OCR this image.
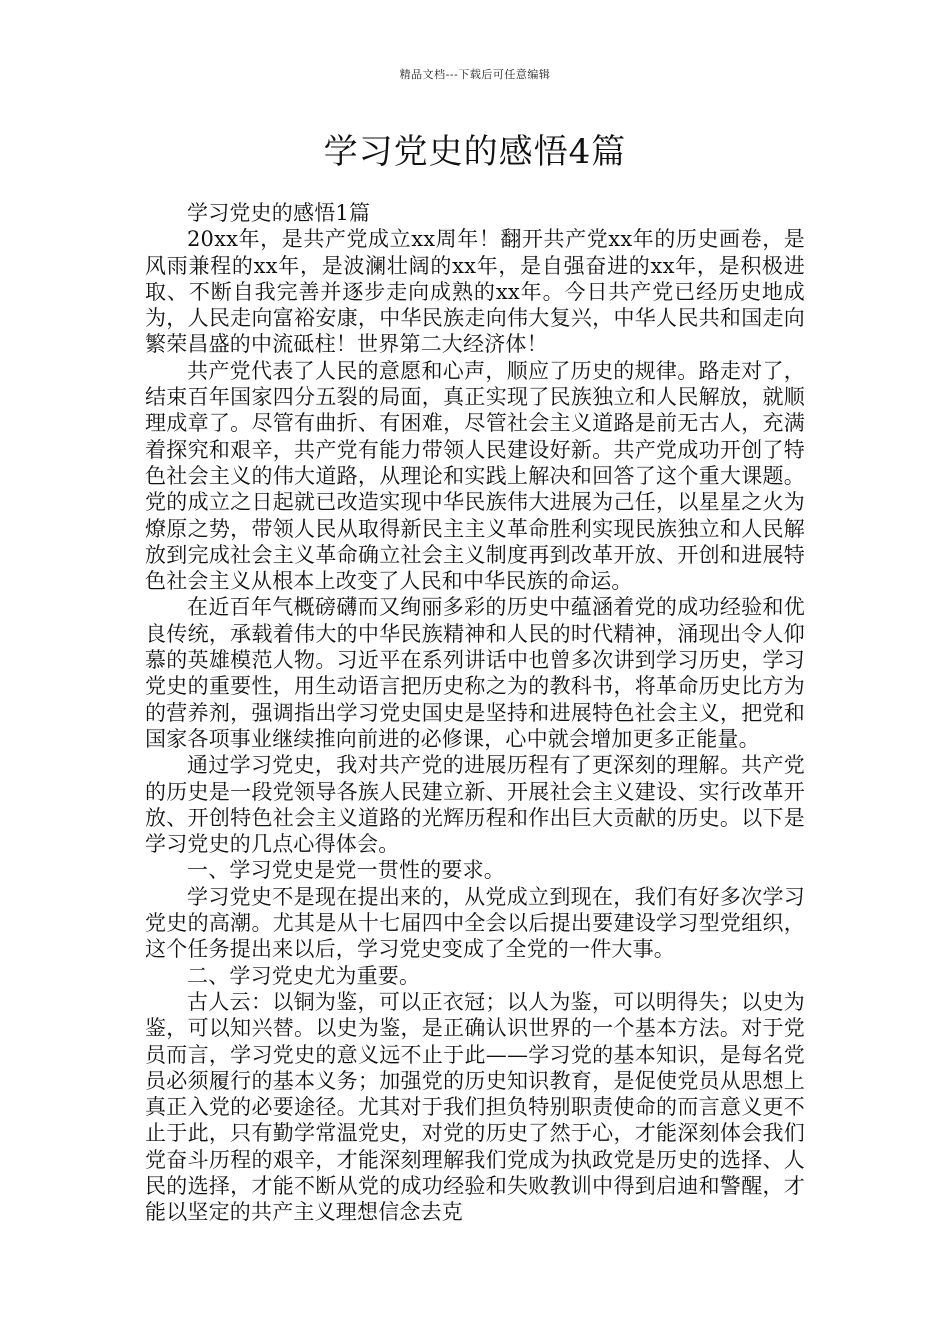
精品文档---下载后可任意编辑
学习党史的感悟4篇

学习党史的感悟1篇

20xx年，是共产党成立xx周年！翻开共产党xx年的历史画卷，是风雨兼程的xx年，是波澜壮阔的xx年，是自强奋进的xx年，是积极进取、不断自我完善并逐步走向成熟的xx年。今日共产党已经历史地成为，人民走向富裕安康，中华民族走向伟大复兴，中华人民共和国走向繁荣昌盛的中流砥柱！世界第二大经济体！

共产党代表了人民的意愿和心声，顺应了历史的规律。路走对了，结束百年国家四分五裂的局面，真正实现了民族独立和人民解放，就顺理成章了。尽管有曲折、有困难，尽管社会主义道路是前无古人，充满着探究和艰辛，共产党有能力带领人民建设好新。共产党成功开创了特色社会主义的伟大道路，从理论和实践上解决和回答了这个重大课题。党的成立之日起就已改造实现中华民族伟大进展为己任，以星星之火为燎原之势，带领人民从取得新民主主义革命胜利实现民族独立和人民解放到完成社会主义革命确立社会主义制度再到改革开放、开创和进展特色社会主义从根本上改变了人民和中华民族的命运。

在近百年气概磅礴而又绚丽多彩的历史中蕴涵着党的成功经验和优良传统，承载着伟大的中华民族精神和人民的时代精神，涌现出令人仰慕的英雄模范人物。习近平在系列讲话中也曾多次讲到学习历史，学习党史的重要性，用生动语言把历史称之为的教科书，将革命历史比方为的营养剂，强调指出学习党史国史是坚持和进展特色社会主义，把党和国家各项事业继续推向前进的必修课，心中就会增加更多正能量。

通过学习党史，我对共产党的进展历程有了更深刻的理解。共产党的历史是一段党领导各族人民建立新、开展社会主义建设、实行改革开放、开创特色社会主义道路的光辉历程和作出巨大贡献的历史。以下是学习党史的几点心得体会。

一、学习党史是党一贯性的要求。

学习党史不是现在提出来的，从党成立到现在，我们有好多次学习党史的高潮。尤其是从十七届四中全会以后提出要建设学习型党组织，这个任务提出来以后，学习党史变成了全党的一件大事。

二、学习党史尤为重要。

古人云：以铜为鉴，可以正衣冠；以人为鉴，可以明得失；以史为鉴，可以知兴替。以史为鉴，是正确认识世界的一个基本方法。对于党员而言，学习党史的意义远不止于此——学习党的基本知识，是每名党员必须履行的基本义务；加强党的历史知识教育，是促使党员从思想上真正入党的必要途径。尤其对于我们担负特别职责使命的而言意义更不止于此，只有勤学常温党史，对党的历史了然于心，才能深刻体会我们党奋斗历程的艰辛，才能深刻理解我们党成为执政党是历史的选择、人民的选择，才能不断从党的成功经验和失败教训中得到启迪和警醒，才能以坚定的共产主义理想信念去克
